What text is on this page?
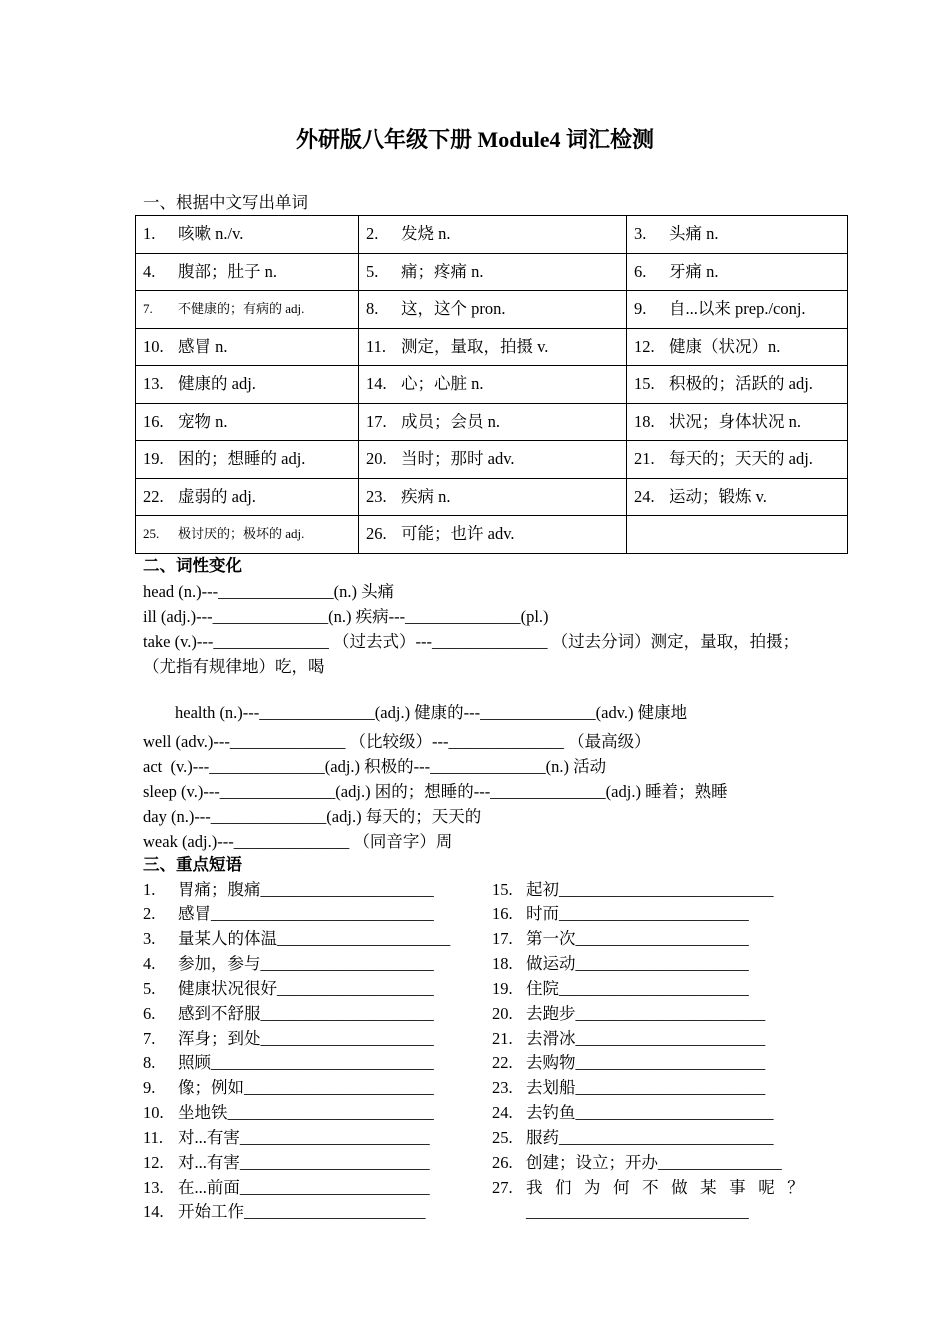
外研版八年级下册 Module4 词汇检测
一、根据中文写出单词
1. 咳嗽 n./v.	2. 发烧 n.	3. 头痛 n.
4. 腹部；肚子 n.	5. 痛；疼痛 n.	6. 牙痛 n.
7. 不健康的；有病的 adj.	8. 这，这个 pron.	9. 自...以来 prep./conj.
10. 感冒 n.	11. 测定，量取，拍摄 v.	12. 健康（状况）n.
13. 健康的 adj.	14. 心；心脏 n.	15. 积极的；活跃的 adj.
16. 宠物 n.	17. 成员；会员 n.	18. 状况；身体状况 n.
19. 困的；想睡的 adj.	20. 当时；那时 adv.	21. 每天的；天天的 adj.
22. 虚弱的 adj.	23. 疾病 n.	24. 运动；锻炼 v.
25. 极讨厌的；极坏的 adj.	26. 可能；也许 adv.	
二、词性变化
head (n.)---______________(n.) 头痛
ill (adj.)---______________(n.) 疾病---______________(pl.)
take (v.)---______________ （过去式）---______________ （过去分词）测定，量取，拍摄；
（尤指有规律地）吃，喝
health (n.)---______________(adj.) 健康的---______________(adv.) 健康地
well (adv.)---______________ （比较级）---______________ （最高级）
act  (v.)---______________(adj.) 积极的---______________(n.) 活动
sleep (v.)---______________(adj.) 困的；想睡的---______________(adj.) 睡着；熟睡
day (n.)---______________(adj.) 每天的；天天的
weak (adj.)---______________ （同音字）周
三、重点短语
1. 胃痛；腹痛_____________________
2. 感冒___________________________
3. 量某人的体温_____________________
4. 参加，参与_____________________
5. 健康状况很好___________________
6. 感到不舒服_____________________
7. 浑身；到处_____________________
8. 照顾___________________________
9. 像；例如_______________________
10. 坐地铁_________________________
11. 对...有害_______________________
12. 对...有害_______________________
13. 在...前面_______________________
14. 开始工作______________________
15. 起初__________________________
16. 时而_______________________
17. 第一次_____________________
18. 做运动_____________________
19. 住院_______________________
20. 去跑步_______________________
21. 去滑冰_______________________
22. 去购物_______________________
23. 去划船_______________________
24. 去钓鱼________________________
25. 服药__________________________
26. 创建；设立；开办_______________
27. 我 们 为 何 不 做 某 事 呢 ？
___________________________
